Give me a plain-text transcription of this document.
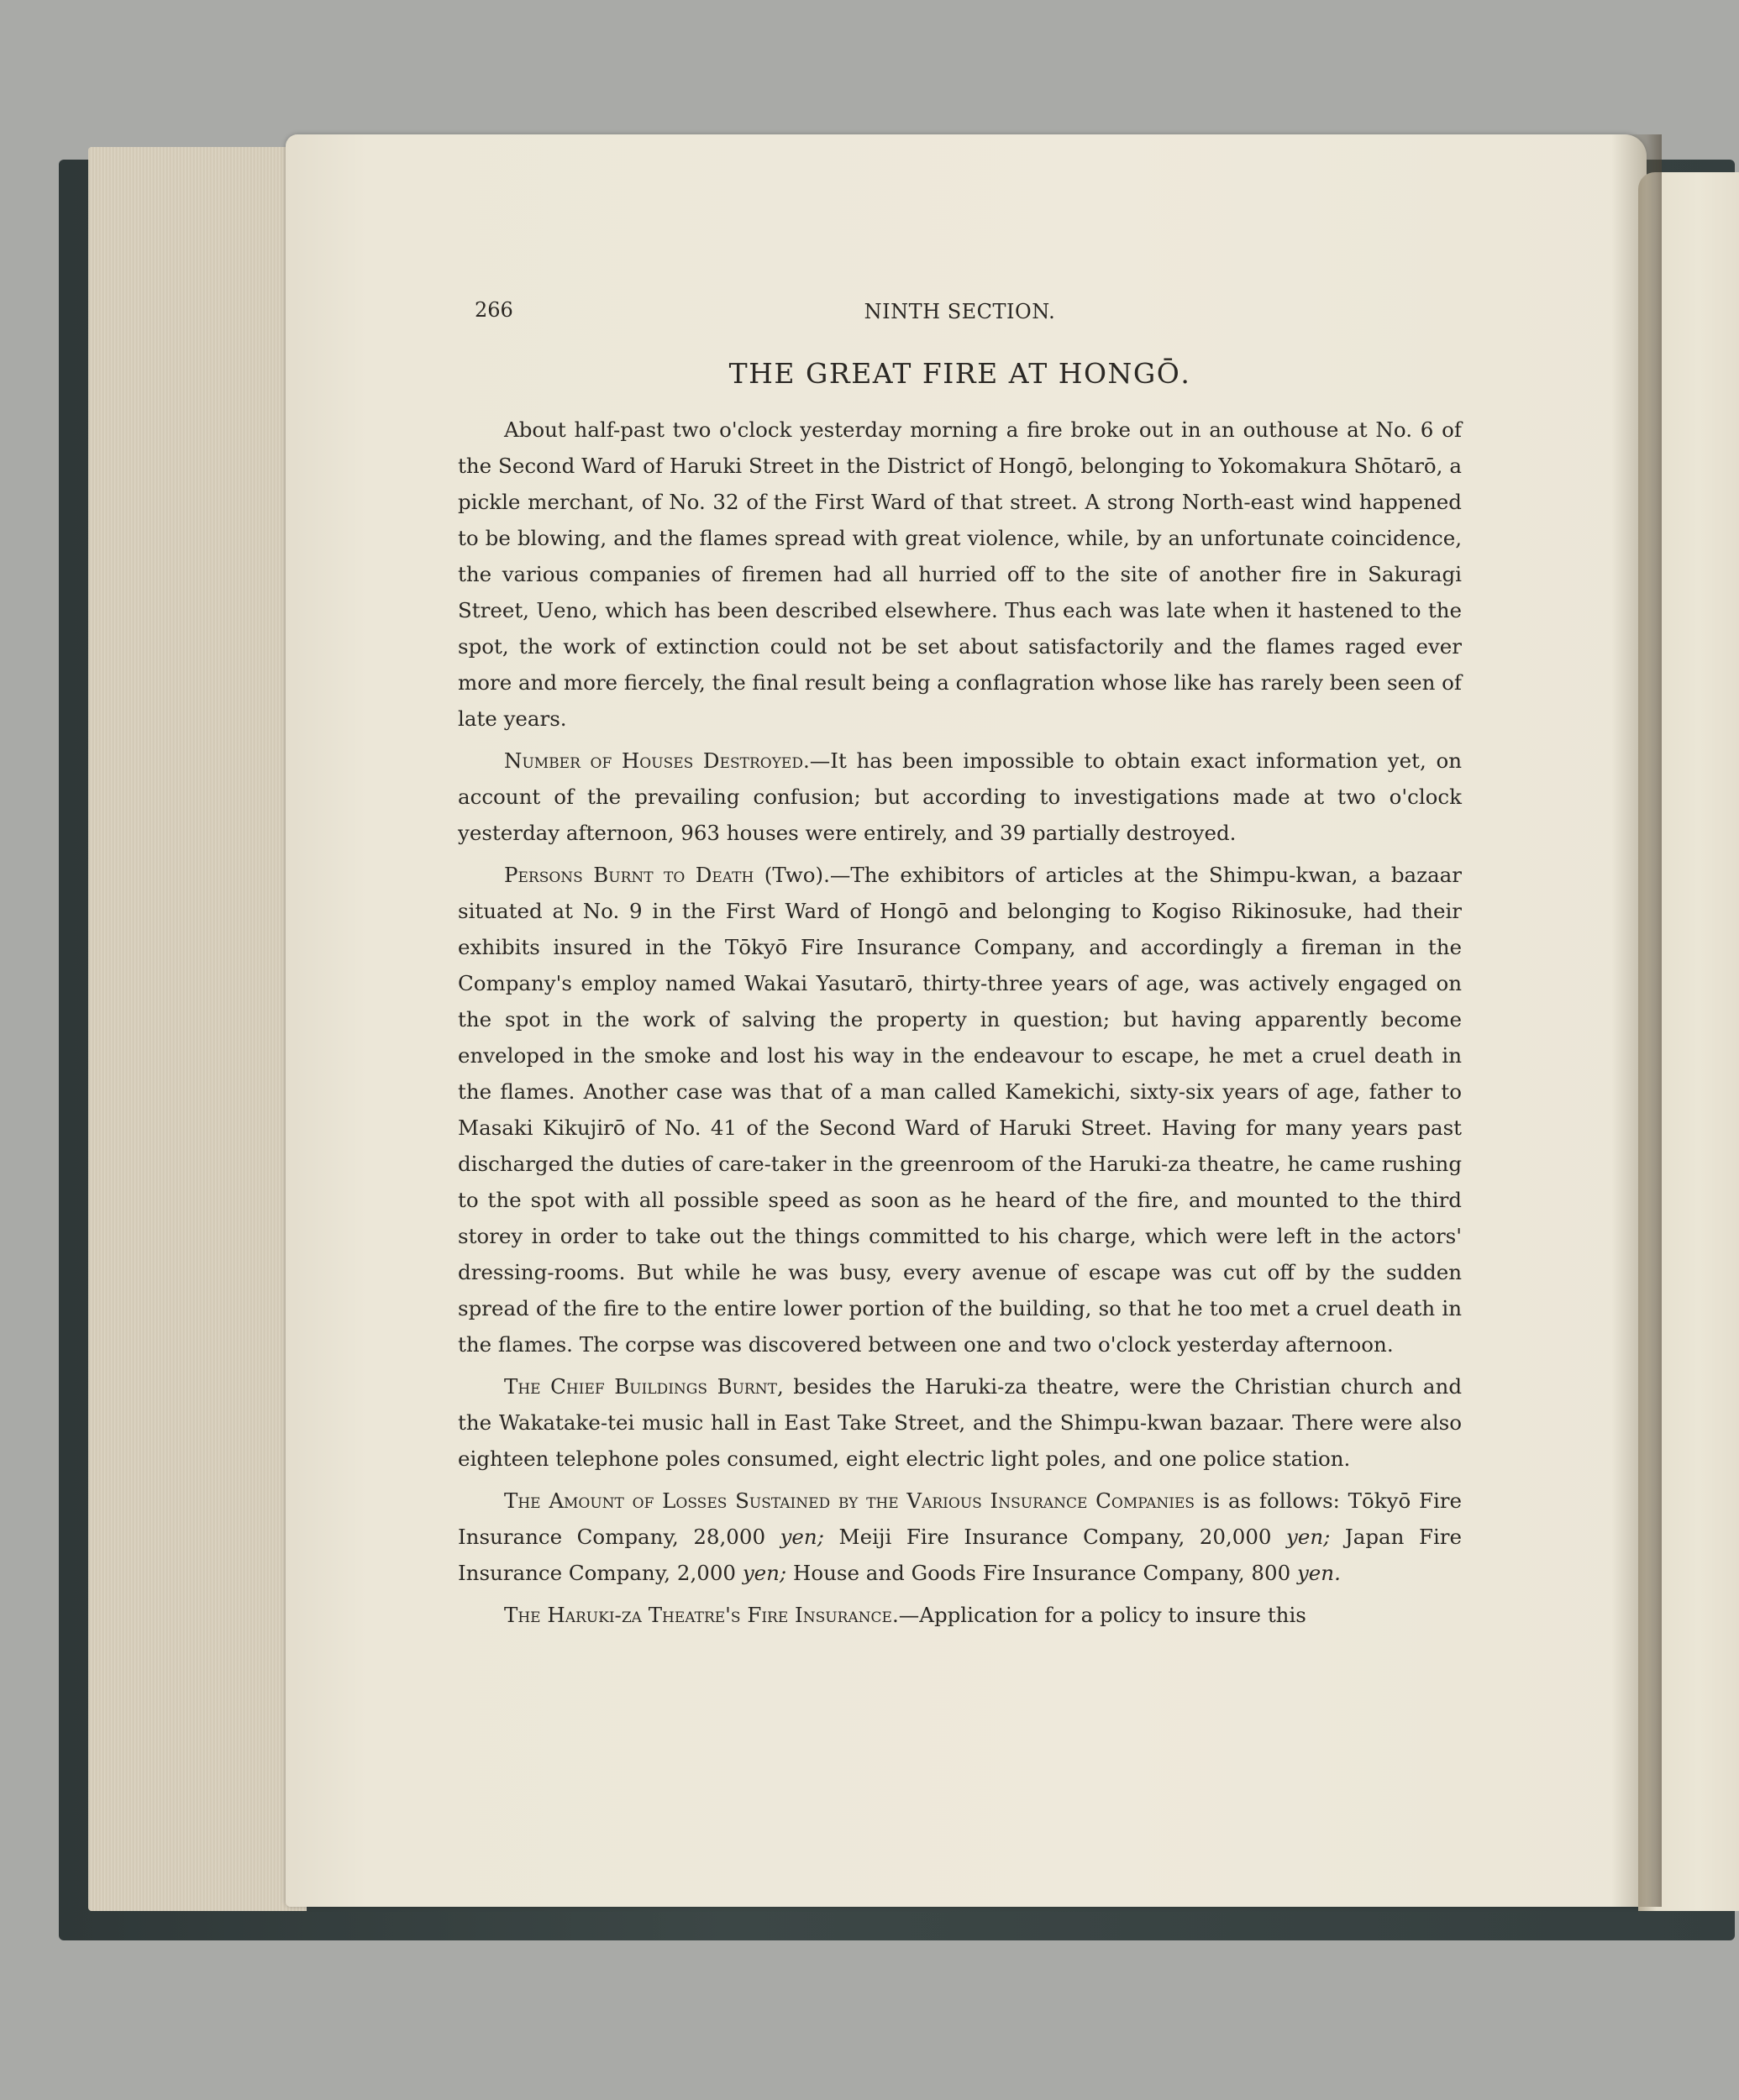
266	NINTH SECTION.
THE GREAT FIRE AT HONGŌ.

About half-past two o'clock yesterday morning a fire broke out in an outhouse at No. 6 of the Second Ward of Haruki Street in the District of Hongō, belonging to Yokomakura Shōtarō, a pickle merchant, of No. 32 of the First Ward of that street. A strong North-east wind happened to be blowing, and the flames spread with great violence, while, by an unfortunate coincidence, the various companies of firemen had all hurried off to the site of another fire in Sakuragi Street, Ueno, which has been described elsewhere. Thus each was late when it hastened to the spot, the work of extinction could not be set about satisfactorily and the flames raged ever more and more fiercely, the final result being a conflagration whose like has rarely been seen of late years.

Number of Houses Destroyed.—It has been impossible to obtain exact information yet, on account of the prevailing confusion; but according to investigations made at two o'clock yesterday afternoon, 963 houses were entirely, and 39 partially destroyed.

Persons Burnt to Death (Two).—The exhibitors of articles at the Shimpu-kwan, a bazaar situated at No. 9 in the First Ward of Hongō and belonging to Kogiso Rikinosuke, had their exhibits insured in the Tōkyō Fire Insurance Company, and accordingly a fireman in the Company's employ named Wakai Yasutarō, thirty-three years of age, was actively engaged on the spot in the work of salving the property in question; but having apparently become enveloped in the smoke and lost his way in the endeavour to escape, he met a cruel death in the flames. Another case was that of a man called Kamekichi, sixty-six years of age, father to Masaki Kikujirō of No. 41 of the Second Ward of Haruki Street. Having for many years past discharged the duties of care-taker in the greenroom of the Haruki-za theatre, he came rushing to the spot with all possible speed as soon as he heard of the fire, and mounted to the third storey in order to take out the things committed to his charge, which were left in the actors' dressing-rooms. But while he was busy, every avenue of escape was cut off by the sudden spread of the fire to the entire lower portion of the building, so that he too met a cruel death in the flames. The corpse was discovered between one and two o'clock yesterday afternoon.

The Chief Buildings Burnt, besides the Haruki-za theatre, were the Christian church and the Wakatake-tei music hall in East Take Street, and the Shimpu-kwan bazaar. There were also eighteen telephone poles consumed, eight electric light poles, and one police station.

The Amount of Losses Sustained by the Various Insurance Companies is as follows: Tōkyō Fire Insurance Company, 28,000 yen; Meiji Fire Insurance Company, 20,000 yen; Japan Fire Insurance Company, 2,000 yen; House and Goods Fire Insurance Company, 800 yen.

The Haruki-za Theatre's Fire Insurance.—Application for a policy to insure this
